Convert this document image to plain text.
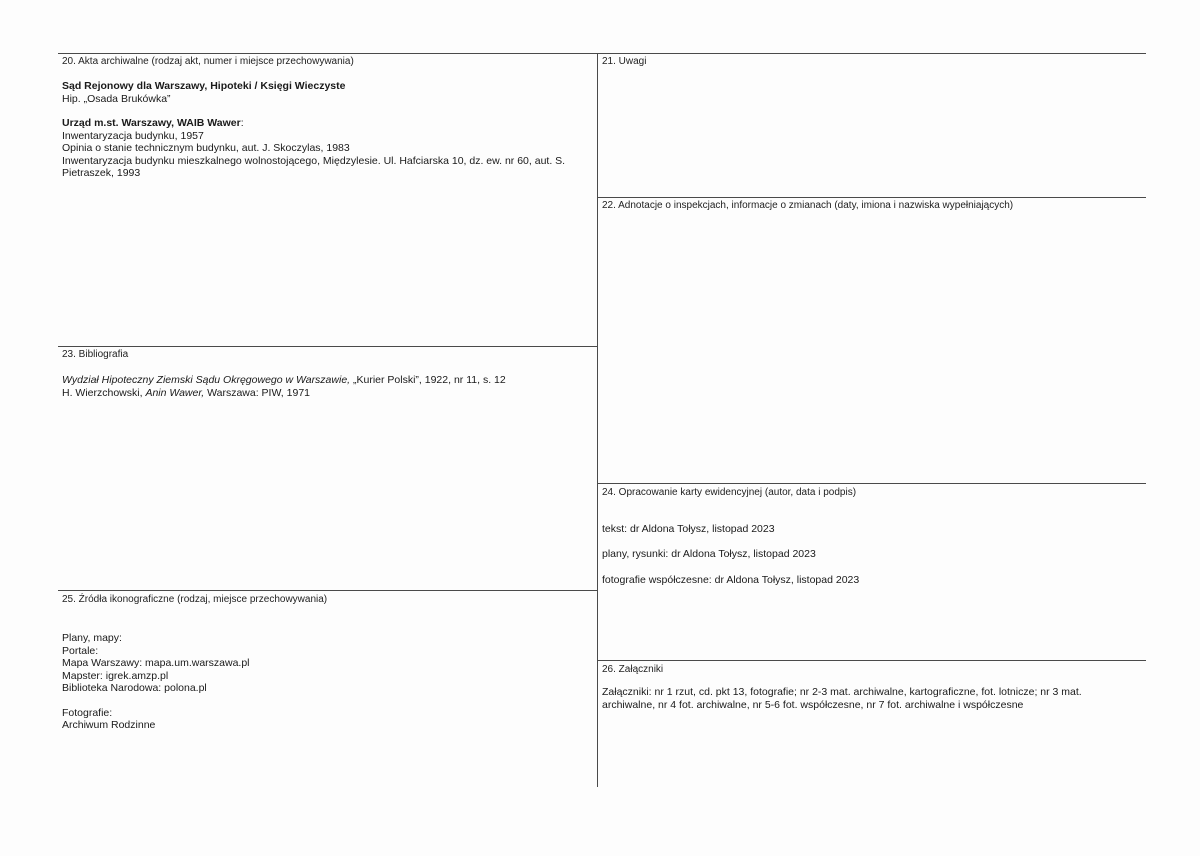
20. Akta archiwalne (rodzaj akt, numer i miejsce przechowywania)

Sąd Rejonowy dla Warszawy, Hipoteki / Księgi Wieczyste

Hip. „Osada Brukówka”

Urząd m.st. Warszawy, WAIB Wawer:

Inwentaryzacja budynku, 1957

Opinia o stanie technicznym budynku, aut. J. Skoczylas, 1983

Inwentaryzacja budynku mieszkalnego wolnostojącego, Międzylesie. Ul. Hafciarska 10, dz. ew. nr 60, aut. S.

Pietraszek, 1993

21. Uwagi

22. Adnotacje o inspekcjach, informacje o zmianach (daty, imiona i nazwiska wypełniających)

23. Bibliografia

Wydział Hipoteczny Ziemski Sądu Okręgowego w Warszawie, „Kurier Polski”, 1922, nr 11, s. 12

H. Wierzchowski, Anin Wawer, Warszawa: PIW, 1971

24. Opracowanie karty ewidencyjnej (autor, data i podpis)

tekst: dr Aldona Tołysz, listopad 2023

plany, rysunki: dr Aldona Tołysz, listopad 2023

fotografie współczesne: dr Aldona Tołysz, listopad 2023

25. Źródła ikonograficzne (rodzaj, miejsce przechowywania)

Plany, mapy:

Portale:

Mapa Warszawy: mapa.um.warszawa.pl

Mapster: igrek.amzp.pl

Biblioteka Narodowa: polona.pl

Fotografie:

Archiwum Rodzinne

26. Załączniki

Załączniki: nr 1 rzut, cd. pkt 13, fotografie; nr 2-3 mat. archiwalne, kartograficzne, fot. lotnicze; nr 3 mat.

archiwalne, nr 4 fot. archiwalne, nr 5-6 fot. współczesne, nr 7 fot. archiwalne i współczesne
